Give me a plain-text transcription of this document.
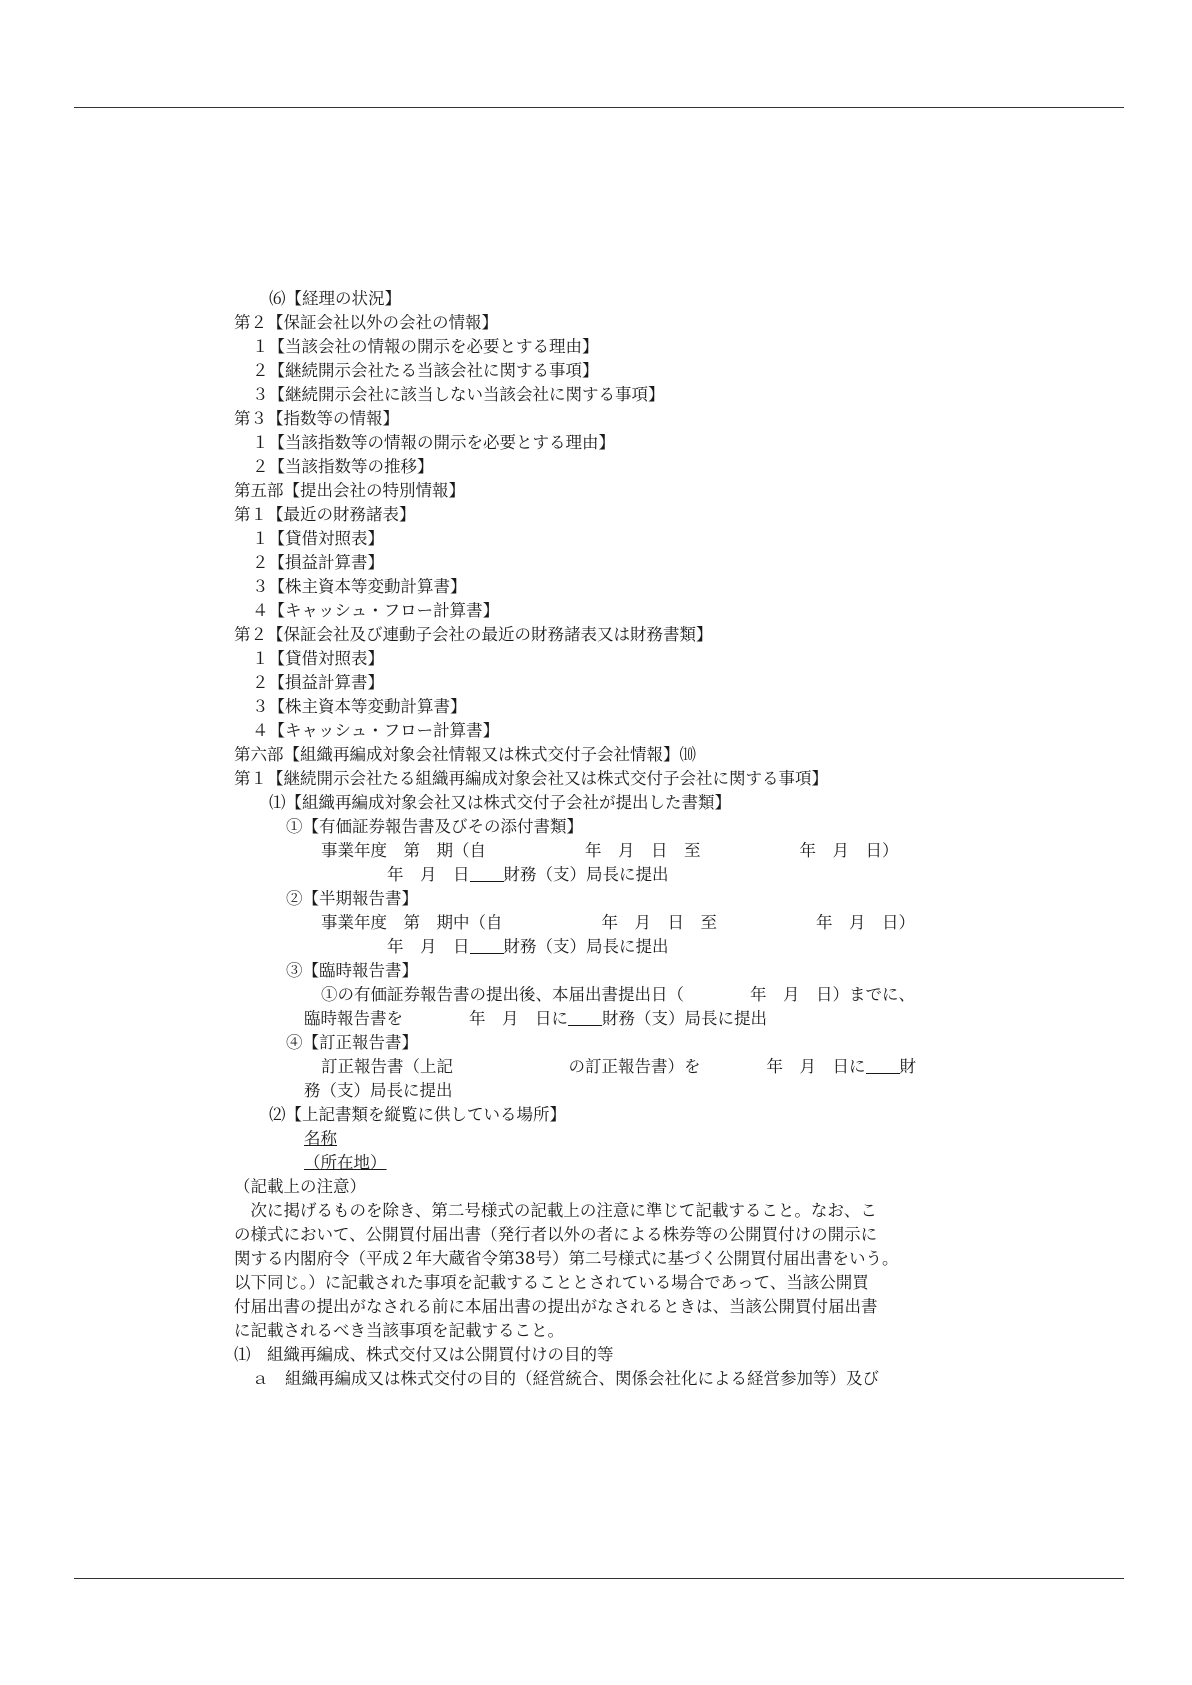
⑹【経理の状況】
第２【保証会社以外の会社の情報】
１【当該会社の情報の開示を必要とする理由】
２【継続開示会社たる当該会社に関する事項】
３【継続開示会社に該当しない当該会社に関する事項】
第３【指数等の情報】
１【当該指数等の情報の開示を必要とする理由】
２【当該指数等の推移】
第五部【提出会社の特別情報】
第１【最近の財務諸表】
１【貸借対照表】
２【損益計算書】
３【株主資本等変動計算書】
４【キャッシュ・フロー計算書】
第２【保証会社及び連動子会社の最近の財務諸表又は財務書類】
１【貸借対照表】
２【損益計算書】
３【株主資本等変動計算書】
４【キャッシュ・フロー計算書】
第六部【組織再編成対象会社情報又は株式交付子会社情報】⑽
第１【継続開示会社たる組織再編成対象会社又は株式交付子会社に関する事項】
⑴【組織再編成対象会社又は株式交付子会社が提出した書類】
①【有価証券報告書及びその添付書類】
事業年度　第　期（自　　　　　　年　月　日　至　　　　　　年　月　日）
　　　　年　月　日 財務（支）局長に提出
②【半期報告書】
事業年度　第　期中（自　　　　　　年　月　日　至　　　　　　年　月　日）
　　　　年　月　日 財務（支）局長に提出
③【臨時報告書】
①の有価証券報告書の提出後、本届出書提出日（　　　　年　月　日）までに、
臨時報告書を　　　　年　月　日に 財務（支）局長に提出
④【訂正報告書】
訂正報告書（上記　　　　　　　の訂正報告書）を　　　　年　月　日に 財
務（支）局長に提出
⑵【上記書類を縦覧に供している場所】
名称
（所在地）
（記載上の注意）
　次に掲げるものを除き、第二号様式の記載上の注意に準じて記載すること。なお、こ
の様式において、公開買付届出書（発行者以外の者による株券等の公開買付けの開示に
関する内閣府令（平成２年大蔵省令第38号）第二号様式に基づく公開買付届出書をいう。
以下同じ。）に記載された事項を記載することとされている場合であって、当該公開買
付届出書の提出がなされる前に本届出書の提出がなされるときは、当該公開買付届出書
に記載されるべき当該事項を記載すること。
⑴　組織再編成、株式交付又は公開買付けの目的等
ａ　組織再編成又は株式交付の目的（経営統合、関係会社化による経営参加等）及び
